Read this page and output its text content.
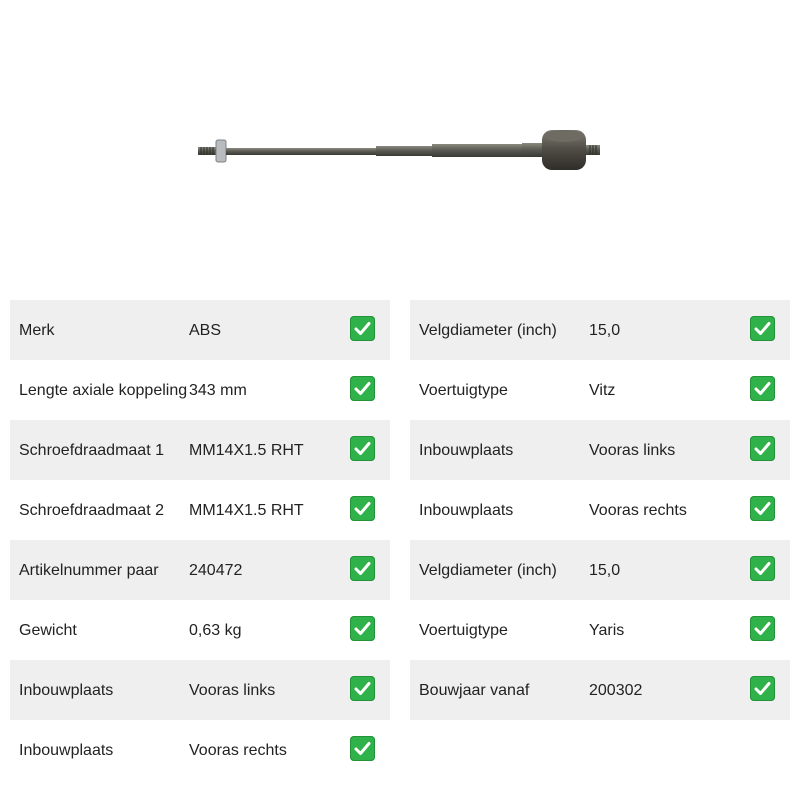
Merk	ABS
Lengte axiale koppeling 343 mm
Schroefdraadmaat 1 MM14X1.5 RHT
Schroefdraadmaat 2 MM14X1.5 RHT
Artikelnummer paar 240472
Gewicht	0,63 kg
Inbouwplaats	Vooras links
Inbouwplaats	Vooras rechts
Velgdiameter (inch) 15,0
Voertuigtype	Vitz
Inbouwplaats	Vooras links
Inbouwplaats	Vooras rechts
Velgdiameter (inch) 15,0
Voertuigtype	Yaris
Bouwjaar vanaf	200302
